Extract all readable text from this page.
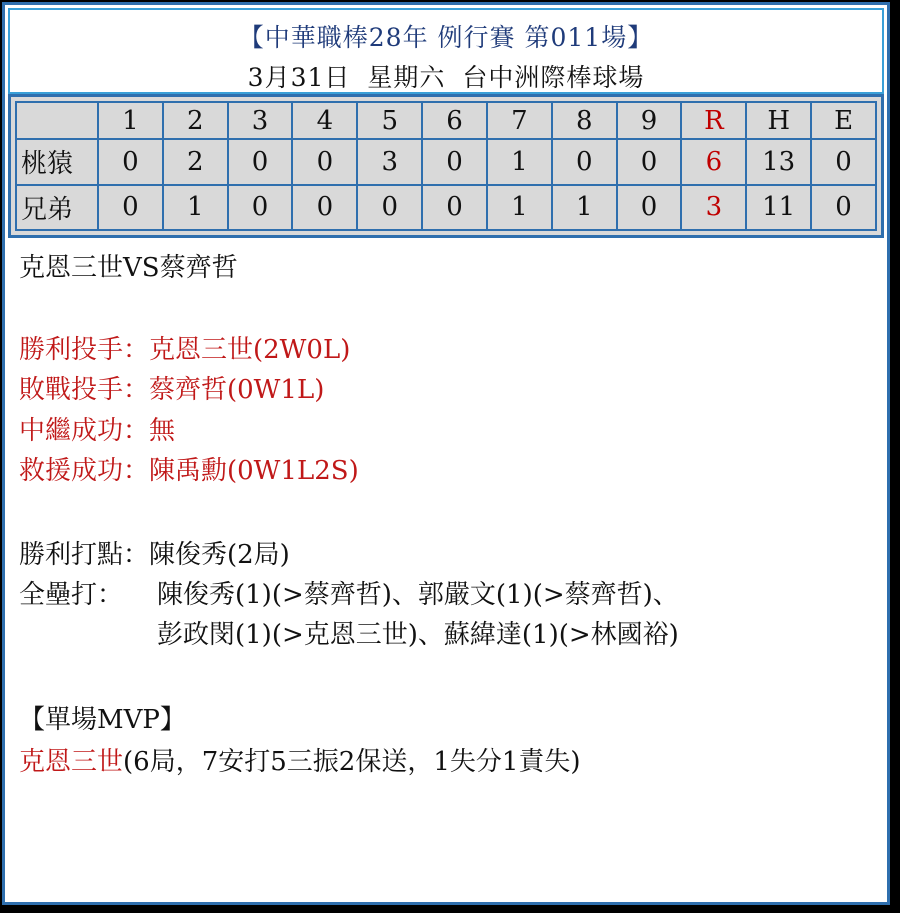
【中華職棒28年 例行賽 第011場】
3月31日 星期六 台中洲際棒球場
	1	2	3	4	5	6	7	8	9	R	H	E
桃猿	0	2	0	0	3	0	1	0	0	6	13	0
兄弟	0	1	0	0	0	0	1	1	0	3	11	0
克恩三世VS蔡齊哲
勝利投手：克恩三世(2W0L)
敗戰投手：蔡齊哲(0W1L)
中繼成功：無
救援成功：陳禹勳(0W1L2S)
勝利打點：陳俊秀(2局)
全壘打： 陳俊秀(1)(>蔡齊哲)、郭嚴文(1)(>蔡齊哲)、
彭政閔(1)(>克恩三世)、蘇緯達(1)(>林國裕)
【單場MVP】
克恩三世(6局，7安打5三振2保送，1失分1責失)
